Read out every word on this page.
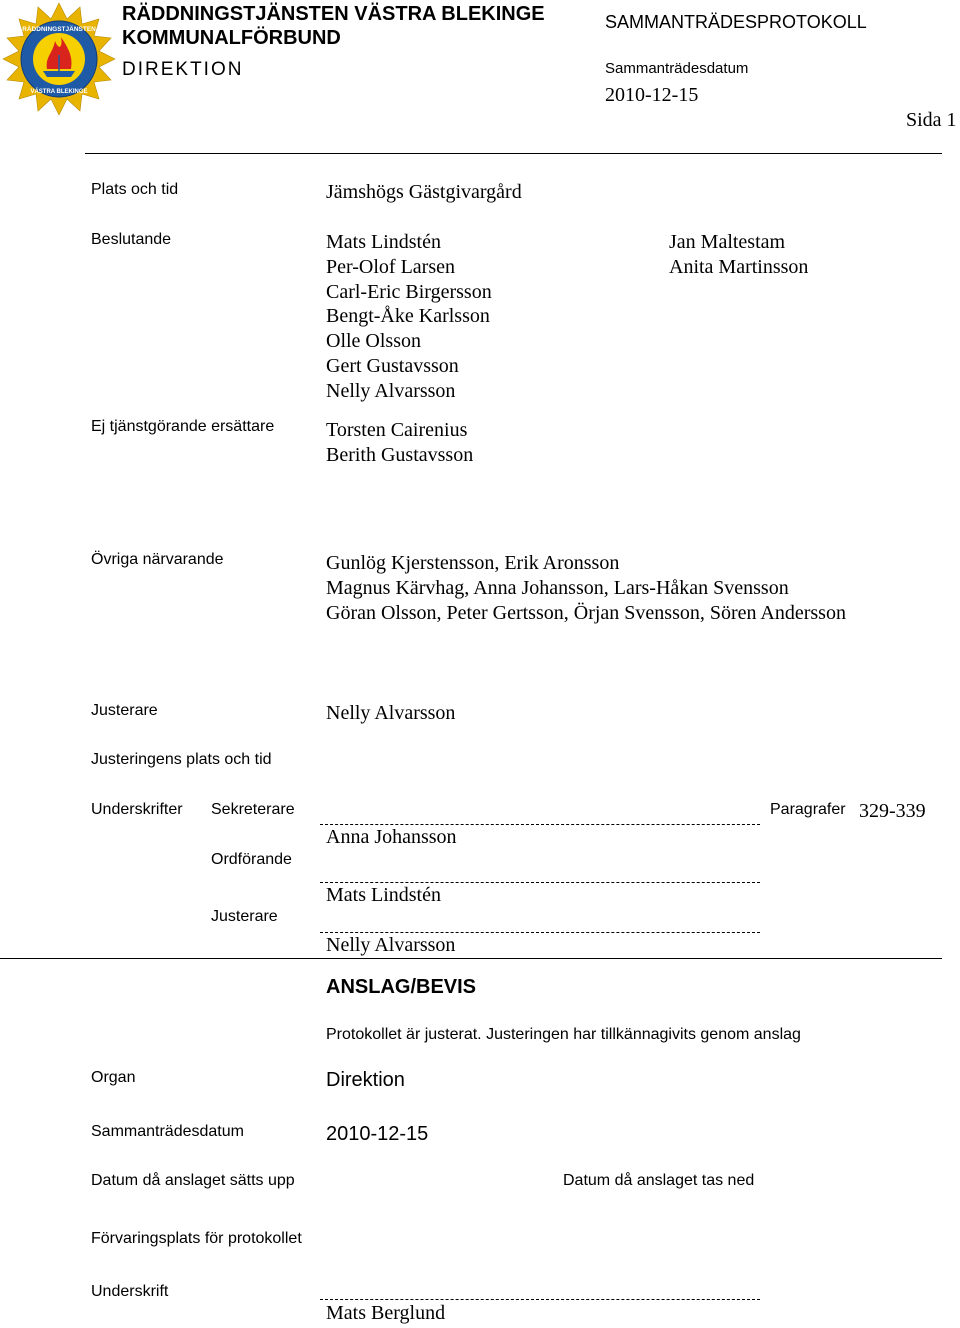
RÄDDNINGSTJÄNSTEN
VÄSTRA BLEKINGE
RÄDDNINGSTJÄNSTEN VÄSTRA BLEKINGE
KOMMUNALFÖRBUND
DIREKTION
SAMMANTRÄDESPROTOKOLL
Sammanträdesdatum
2010-12-15
Sida 1
Plats och tid	Jämshögs Gästgivargård
Beslutande	Mats Lindstén
Per-Olof Larsen
Carl-Eric Birgersson
Bengt-Åke Karlsson
Olle Olsson
Gert Gustavsson
Nelly Alvarsson
Jan Maltestam
Anita Martinsson
Ej tjänstgörande ersättare	Torsten Cairenius
Berith Gustavsson
Övriga närvarande	Gunlög Kjerstensson, Erik Aronsson
Magnus Kärvhag, Anna Johansson, Lars-Håkan Svensson
Göran Olsson, Peter Gertsson, Örjan Svensson, Sören Andersson
Justerare	Nelly Alvarsson
Justeringens plats och tid
Underskrifter Sekreterare
Anna Johansson
Paragrafer 329-339
Ordförande
Mats Lindstén
Justerare
Nelly Alvarsson
ANSLAG/BEVIS
Protokollet är justerat. Justeringen har tillkännagivits genom anslag
Organ	Direktion
Sammanträdesdatum	2010-12-15
Datum då anslaget sätts upp	Datum då anslaget tas ned
Förvaringsplats för protokollet
Underskrift
Mats Berglund
